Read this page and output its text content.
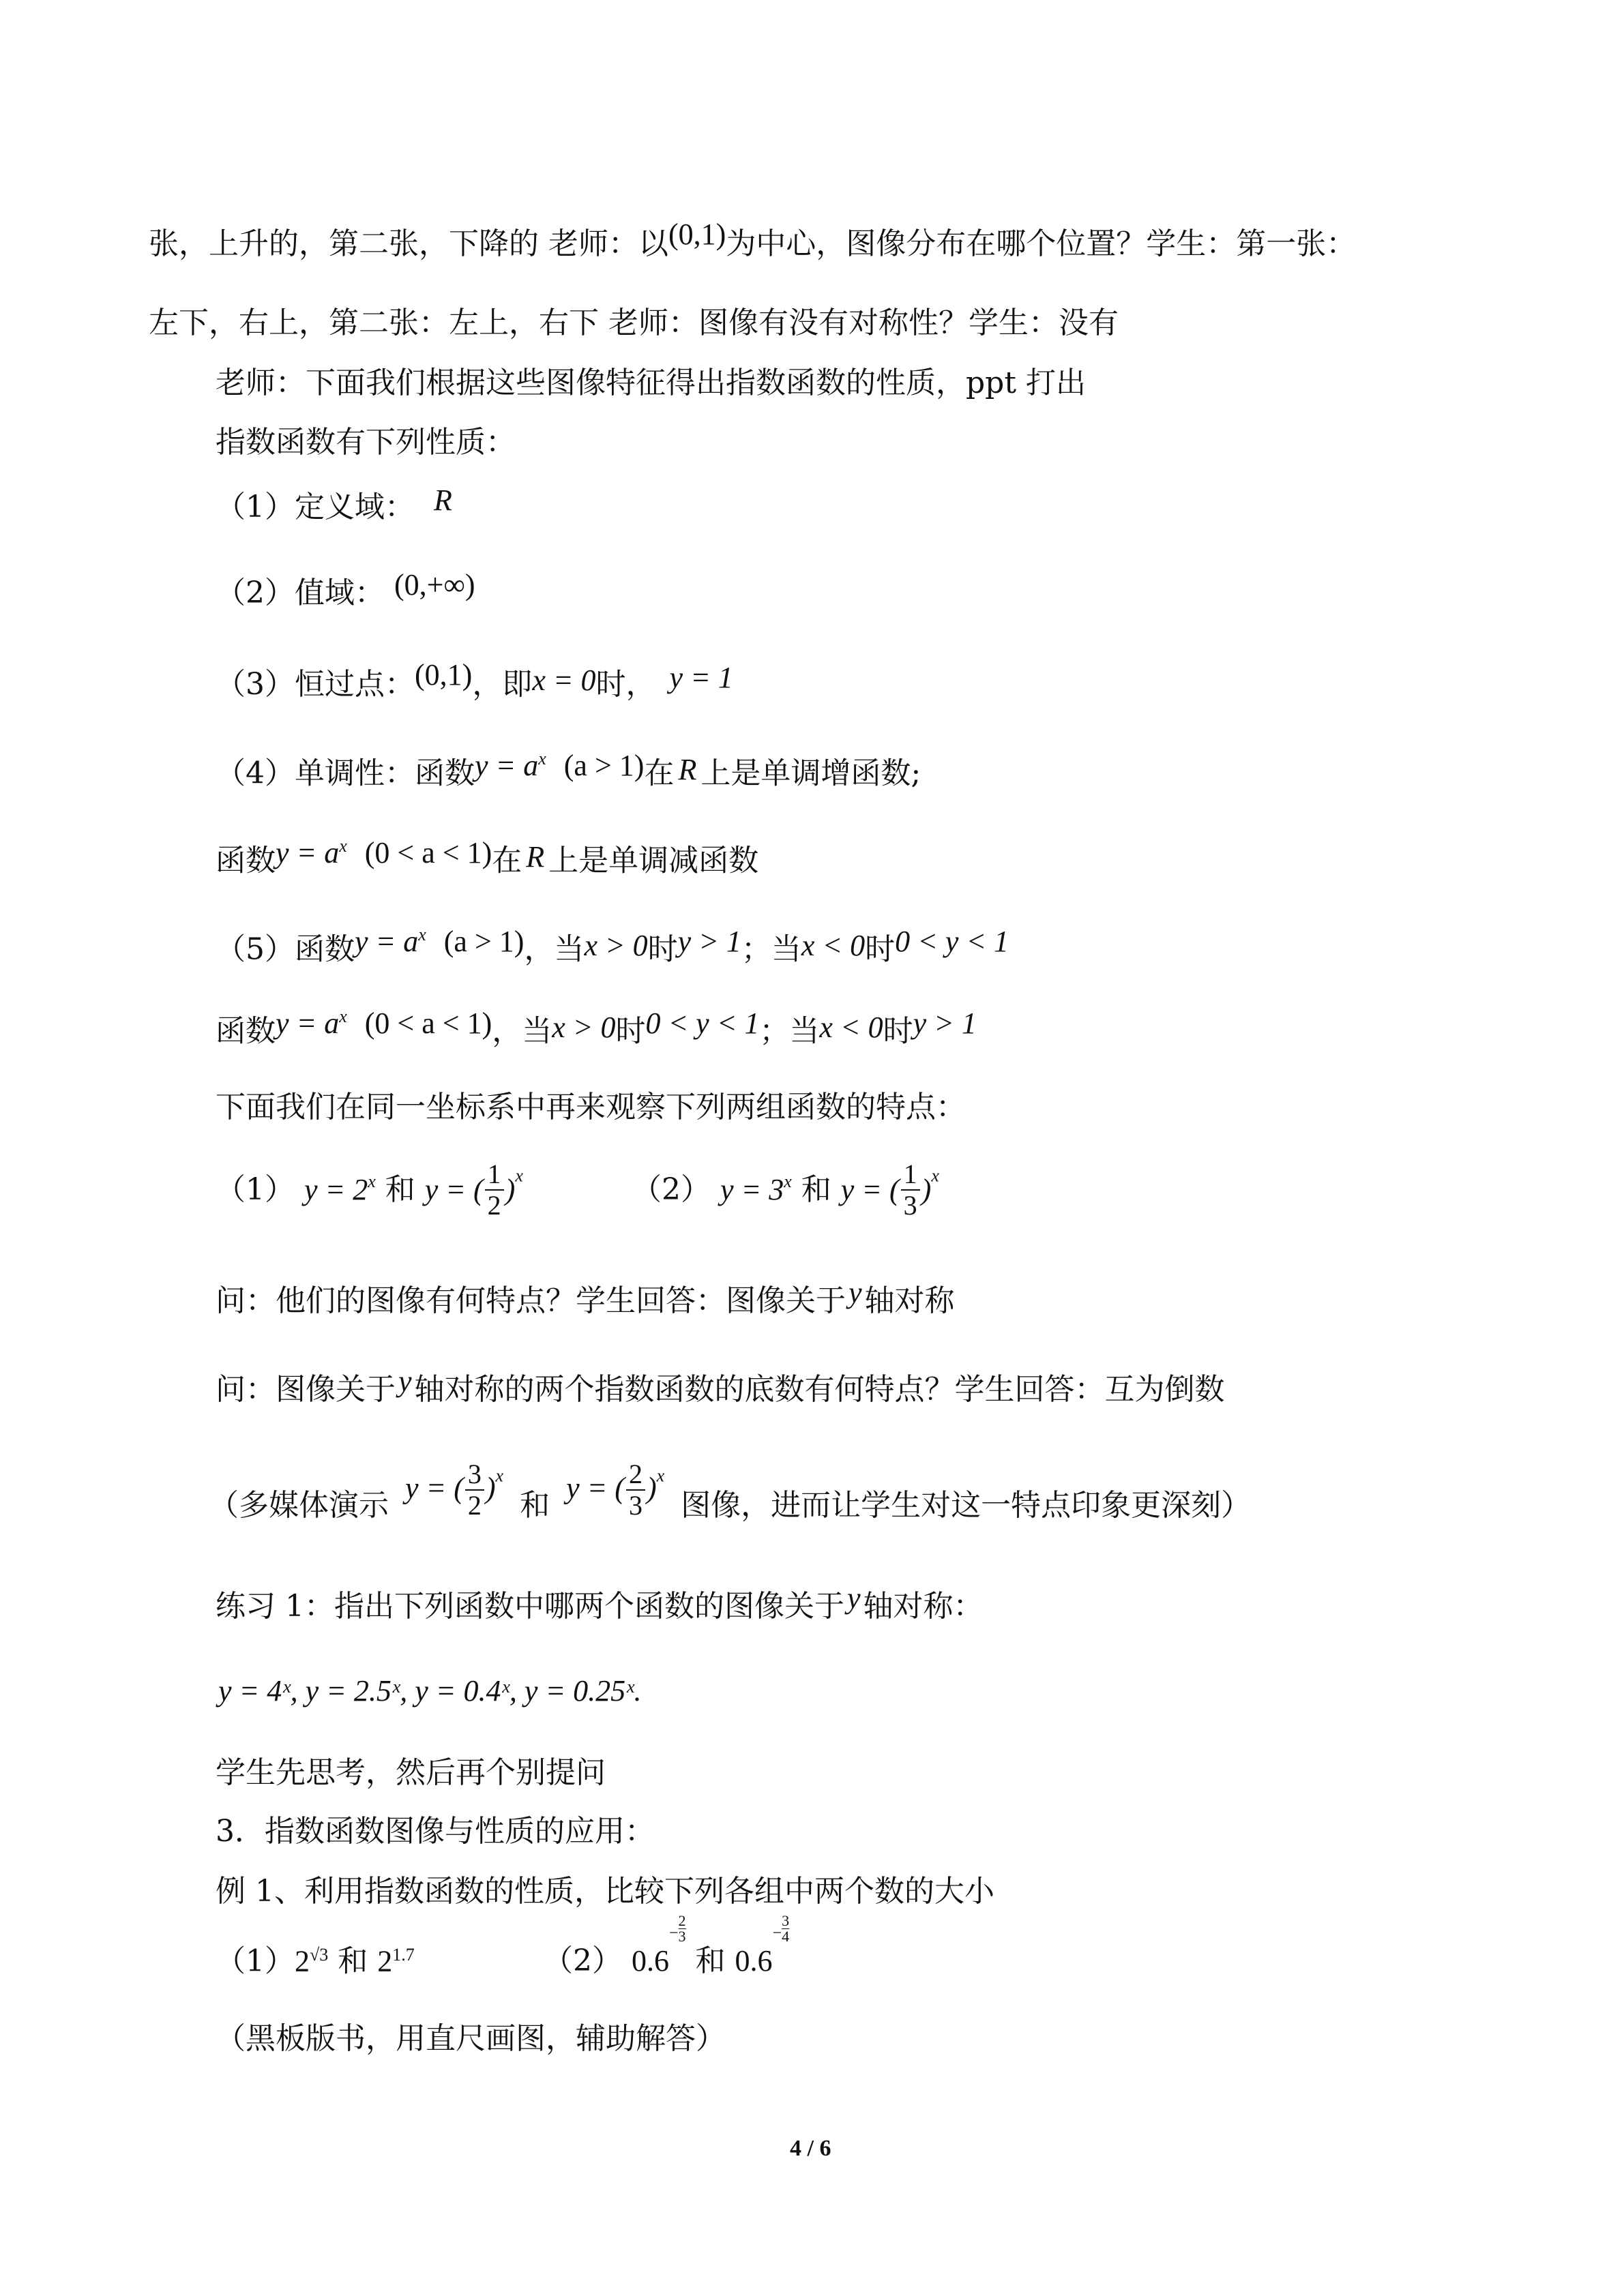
张，上升的，第二张，下降的 老师：以(0,1)为中心，图像分布在哪个位置？学生：第一张：
左下，右上，第二张：左上，右下 老师：图像有没有对称性？学生：没有
老师：下面我们根据这些图像特征得出指数函数的性质，ppt 打出
指数函数有下列性质：
（1）定义域： R
（2）值域： (0,+∞)
（3）恒过点：(0,1)，即x = 0时， y = 1
（4）单调性：函数$y = a^x$ (a > 1)在 R 上是单调增函数;
函数$y = a^x$ (0 < a < 1)在 R 上是单调减函数
（5）函数$y = a^x$ (a > 1)，当x > 0时y > 1；当x < 0时0 < y < 1
函数$y = a^x$ (0 < a < 1)，当x > 0时0 < y < 1；当x < 0时y > 1
下面我们在同一坐标系中再来观察下列两组函数的特点：
（1） $y = 2^x$ 和 y = ( $\frac{1}{2} )^x$	（2） $y = 3^x$ 和 y = ( $\frac{1}{3} )^x$
问：他们的图像有何特点？学生回答：图像关于y轴对称
问：图像关于y轴对称的两个指数函数的底数有何特点？学生回答：互为倒数
（多媒体演示 y = ( $\frac{3}{2} )^x$ 和 y = ( $\frac{2}{3} )^x$ 图像，进而让学生对这一特点印象更深刻）
练习 1：指出下列函数中哪两个函数的图像关于y轴对称：
y = 4ˣ, y = 2.5ˣ, y = 0.4ˣ, y = 0.25ˣ.
学生先思考，然后再个别提问
3．指数函数图像与性质的应用：
例 1、利用指数函数的性质，比较下列各组中两个数的大小
$(1)2^{√3}$ 和 $2^{1.7}$	（2） $0.6- \frac{2}{3}$ 和 $0.6- \frac{3}{4}$
（黑板版书，用直尺画图，辅助解答）
4 / 6
